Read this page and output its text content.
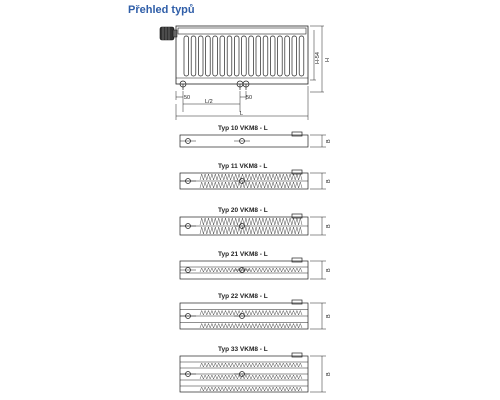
Přehled typů
50	50
L/2
L
H-54 H
B
B
B
B
B
B
Typ 10 VKM8 - L
Typ 11 VKM8 - L
Typ 20 VKM8 - L
Typ 21 VKM8 - L
Typ 22 VKM8 - L
Typ 33 VKM8 - L
